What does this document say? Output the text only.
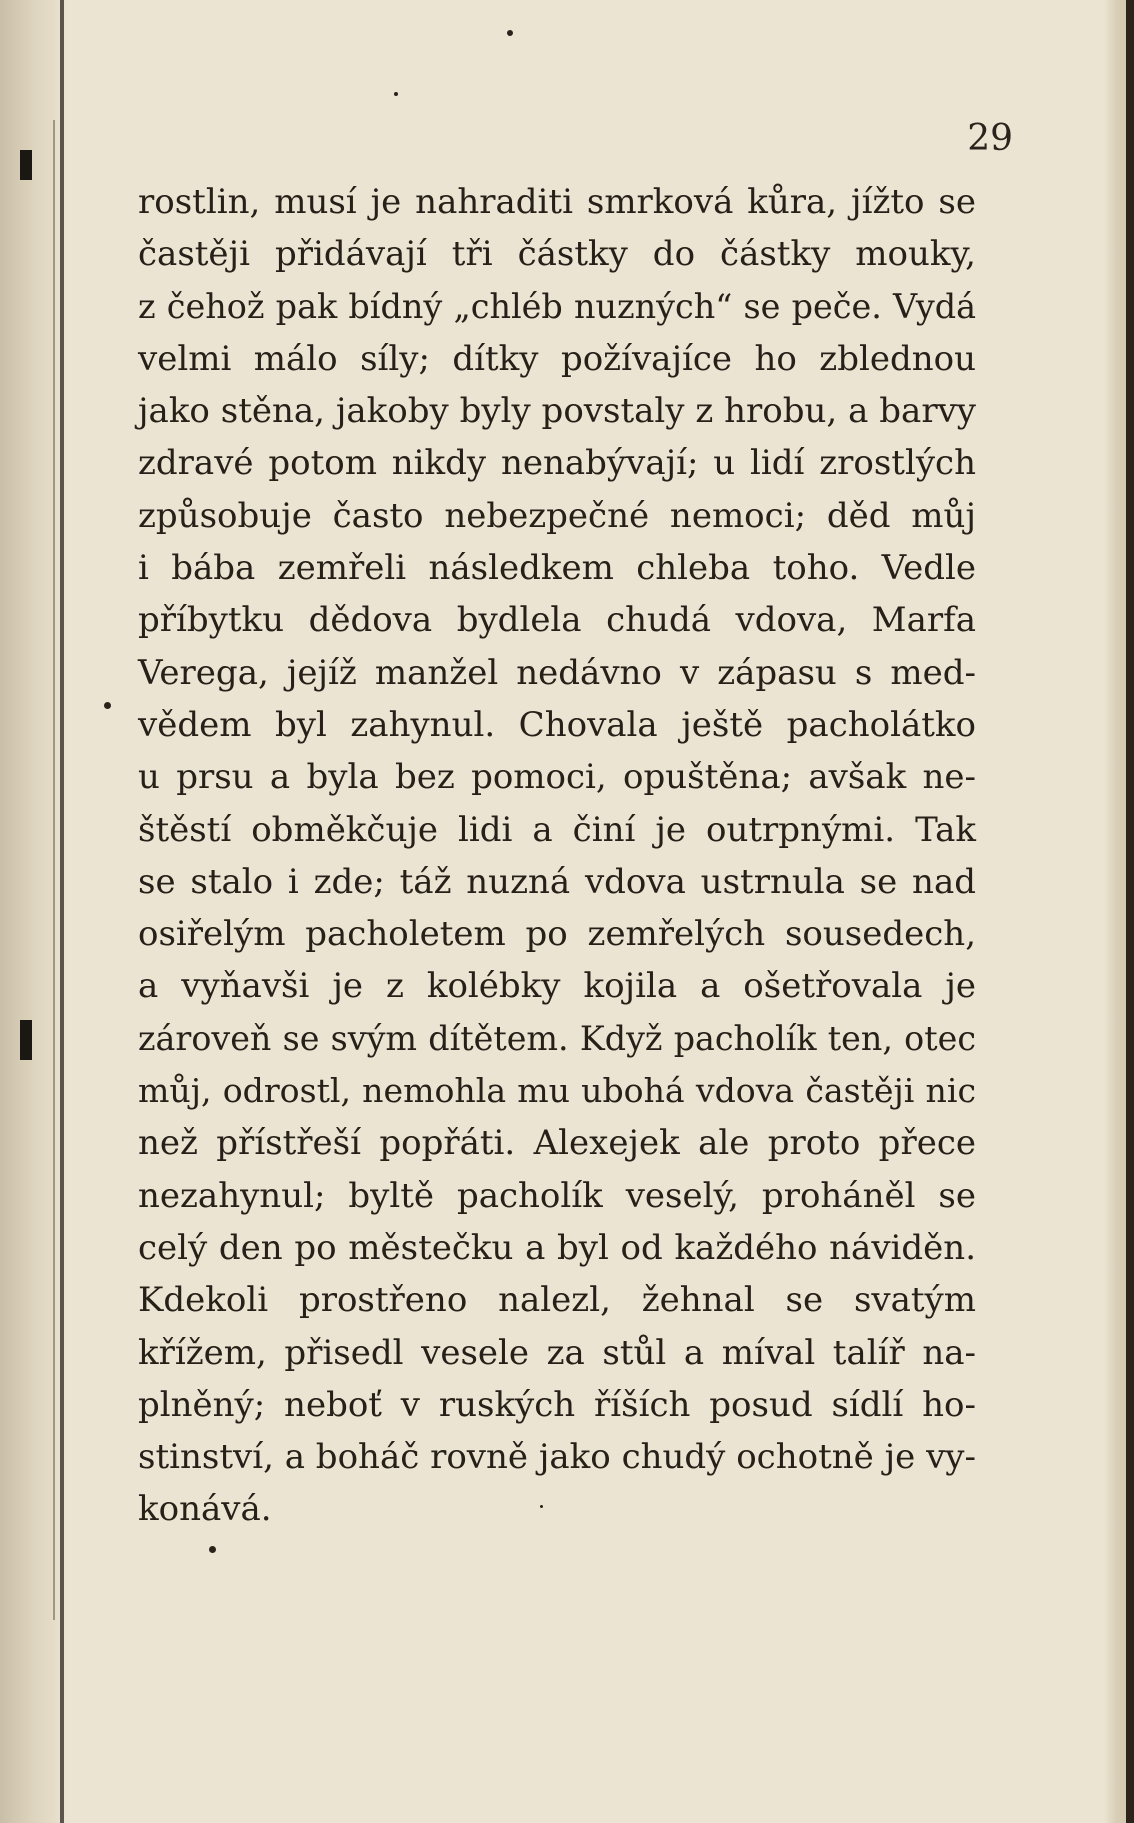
29
rostlin, musí je nahraditi smrková kůra, jížto se
častěji přidávají tři částky do částky mouky,
z čehož pak bídný „chléb nuzných“ se peče. Vydá
velmi málo síly; dítky požívajíce ho zblednou
jako stěna, jakoby byly povstaly z hrobu, a barvy
zdravé potom nikdy nenabývají; u lidí zrostlých
způsobuje často nebezpečné nemoci; děd můj
i bába zemřeli následkem chleba toho. Vedle
příbytku dědova bydlela chudá vdova, Marfa
Verega, jejíž manžel nedávno v zápasu s med-
vědem byl zahynul. Chovala ještě pacholátko
u prsu a byla bez pomoci, opuštěna; avšak ne-
štěstí obměkčuje lidi a činí je outrpnými. Tak
se stalo i zde; táž nuzná vdova ustrnula se nad
osiřelým pacholetem po zemřelých sousedech,
a vyňavši je z kolébky kojila a ošetřovala je
zároveň se svým dítětem. Když pacholík ten, otec
můj, odrostl, nemohla mu ubohá vdova častěji nic
než přístřeší popřáti. Alexejek ale proto přece
nezahynul; byltě pacholík veselý, proháněl se
celý den po městečku a byl od každého náviděn.
Kdekoli prostřeno nalezl, žehnal se svatým
křížem, přisedl vesele za stůl a míval talíř na-
plněný; neboť v ruských říších posud sídlí ho-
stinství, a boháč rovně jako chudý ochotně je vy-
konává.
